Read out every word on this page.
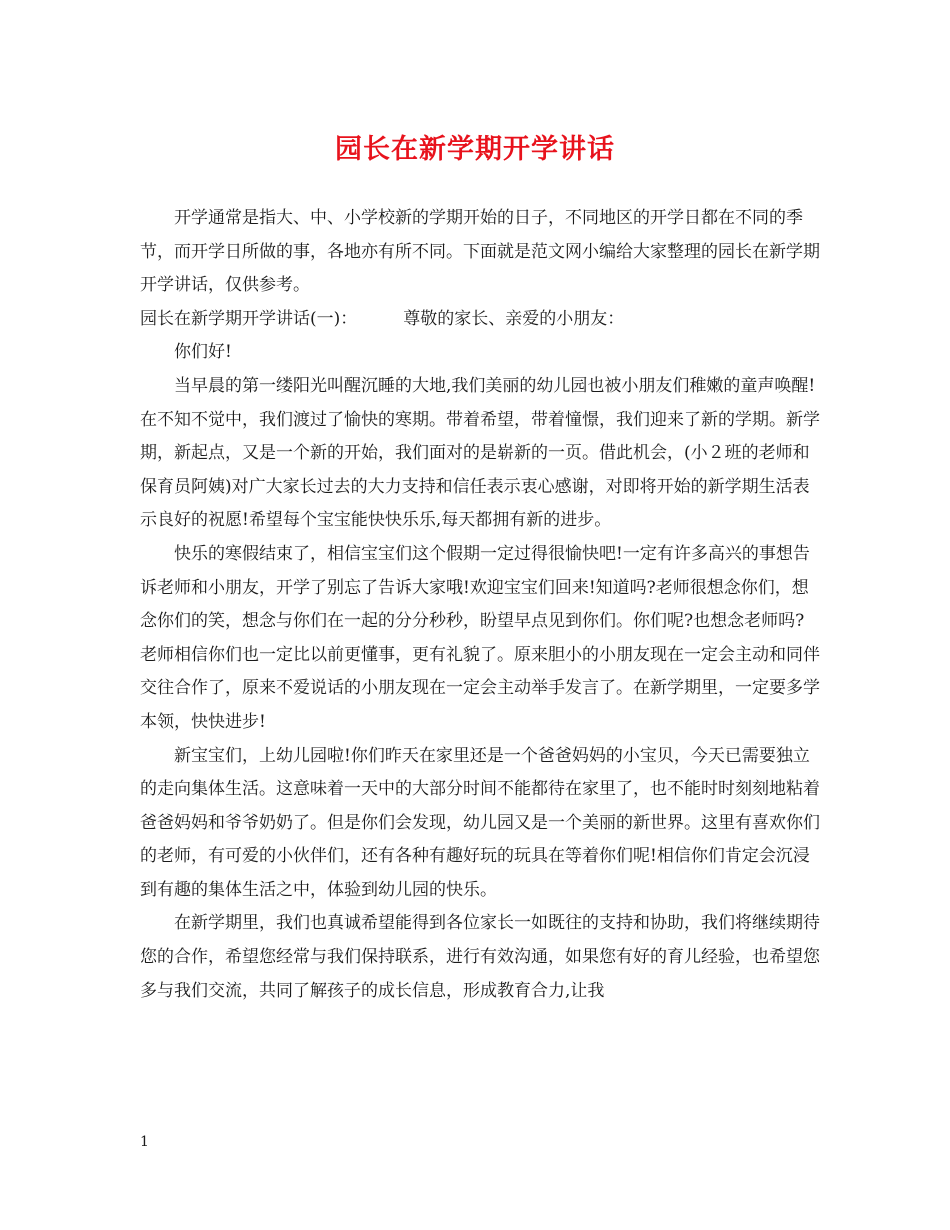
园长在新学期开学讲话

开学通常是指大、中、小学校新的学期开始的日子，不同地区的开学日都在不同的季节，而开学日所做的事，各地亦有所不同。下面就是范文网小编给大家整理的园长在新学期开学讲话，仅供参考。

园长在新学期开学讲话(一)：	尊敬的家长、亲爱的小朋友：

你们好!

当早晨的第一缕阳光叫醒沉睡的大地,我们美丽的幼儿园也被小朋友们稚嫩的童声唤醒!在不知不觉中，我们渡过了愉快的寒期。带着希望，带着憧憬，我们迎来了新的学期。新学期，新起点，又是一个新的开始，我们面对的是崭新的一页。借此机会，(小２班的老师和保育员阿姨)对广大家长过去的大力支持和信任表示衷心感谢，对即将开始的新学期生活表示良好的祝愿!希望每个宝宝能快快乐乐,每天都拥有新的进步。

快乐的寒假结束了，相信宝宝们这个假期一定过得很愉快吧!一定有许多高兴的事想告诉老师和小朋友，开学了别忘了告诉大家哦!欢迎宝宝们回来!知道吗?老师很想念你们，想念你们的笑，想念与你们在一起的分分秒秒，盼望早点见到你们。你们呢?也想念老师吗?老师相信你们也一定比以前更懂事，更有礼貌了。原来胆小的小朋友现在一定会主动和同伴交往合作了，原来不爱说话的小朋友现在一定会主动举手发言了。在新学期里，一定要多学本领，快快进步!

新宝宝们，上幼儿园啦!你们昨天在家里还是一个爸爸妈妈的小宝贝，今天已需要独立的走向集体生活。这意味着一天中的大部分时间不能都待在家里了，也不能时时刻刻地粘着爸爸妈妈和爷爷奶奶了。但是你们会发现，幼儿园又是一个美丽的新世界。这里有喜欢你们的老师，有可爱的小伙伴们，还有各种有趣好玩的玩具在等着你们呢!相信你们肯定会沉浸到有趣的集体生活之中，体验到幼儿园的快乐。

在新学期里，我们也真诚希望能得到各位家长一如既往的支持和协助，我们将继续期待您的合作，希望您经常与我们保持联系，进行有效沟通，如果您有好的育儿经验，也希望您多与我们交流，共同了解孩子的成长信息，形成教育合力,让我

1
